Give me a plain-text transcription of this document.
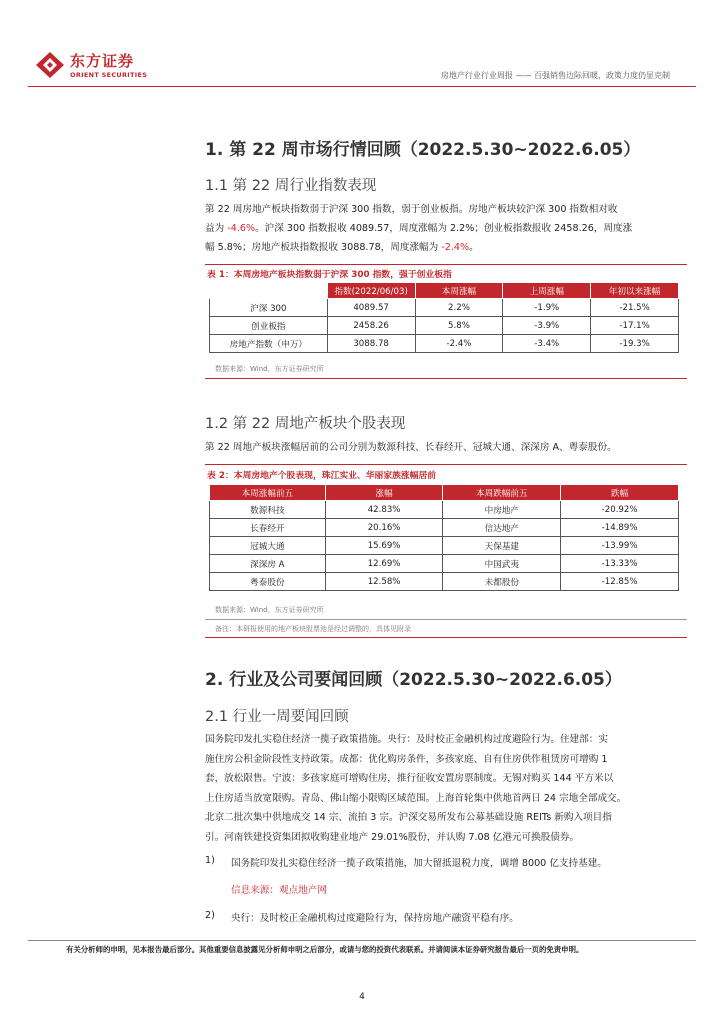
东方证券
ORIENT SECURITIES	房地产行业行业周报 —— 百强销售边际回暖，政策力度仍显克制
1. 第 22 周市场行情回顾（2022.5.30~2022.6.05）
1.1 第 22 周行业指数表现
第 22 周房地产板块指数弱于沪深 300 指数，弱于创业板指。房地产板块较沪深 300 指数相对收
益为 -4.6%。沪深 300 指数报收 4089.57，周度涨幅为 2.2%；创业板指数报收 2458.26，周度涨
幅 5.8%；房地产板块指数报收 3088.78，周度涨幅为 -2.4%。
表 1：本周房地产板块指数弱于沪深 300 指数，强于创业板指
	指数(2022/06/03)	本周涨幅	上周涨幅	年初以来涨幅
沪深 300	4089.57	2.2%	-1.9%	-21.5%
创业板指	2458.26	5.8%	-3.9%	-17.1%
房地产指数（申万）	3088.78	-2.4%	-3.4%	-19.3%
数据来源：Wind，东方证券研究所
1.2 第 22 周地产板块个股表现
第 22 周地产板块涨幅居前的公司分别为数源科技、长春经开、冠城大通、深深房 A、粤泰股份。
表 2：本周房地产个股表现，珠江实业、华丽家族涨幅居前
本周涨幅前五	涨幅	本周跌幅前五	跌幅
数源科技	42.83%	中房地产	-20.92%
长春经开	20.16%	信达地产	-14.89%
冠城大通	15.69%	天保基建	-13.99%
深深房 A	12.69%	中国武夷	-13.33%
粤泰股份	12.58%	未都股份	-12.85%
数据来源：Wind，东方证券研究所
备注：本研报使用的地产板块股票池是经过调整的，具体见附录
2. 行业及公司要闻回顾（2022.5.30~2022.6.05）
2.1 行业一周要闻回顾
国务院印发扎实稳住经济一揽子政策措施。央行：及时校正金融机构过度避险行为。住建部：实
施住房公积金阶段性支持政策。成都：优化购房条件，多孩家庭、自有住房供作租赁房可增购 1
套，放松限售。宁波：多孩家庭可增购住房，推行征收安置房票制度。无锡对购买 144 平方米以
上住房适当放宽限购。青岛、佛山缩小限购区域范围。上海首轮集中供地首两日 24 宗地全部成交。
北京二批次集中供地成交 14 宗、流拍 3 宗。沪深交易所发布公募基础设施 REITs 新购入项目指
引。河南铁建投资集团拟收购建业地产 29.01%股份，并认购 7.08 亿港元可换股债券。
1) 国务院印发扎实稳住经济一揽子政策措施，加大留抵退税力度，调增 8000 亿支持基建。
信息来源：观点地产网
2) 央行：及时校正金融机构过度避险行为，保持房地产融资平稳有序。
有关分析师的申明，见本报告最后部分。其他重要信息披露见分析师申明之后部分，或请与您的投资代表联系。并请阅读本证券研究报告最后一页的免责申明。
4
